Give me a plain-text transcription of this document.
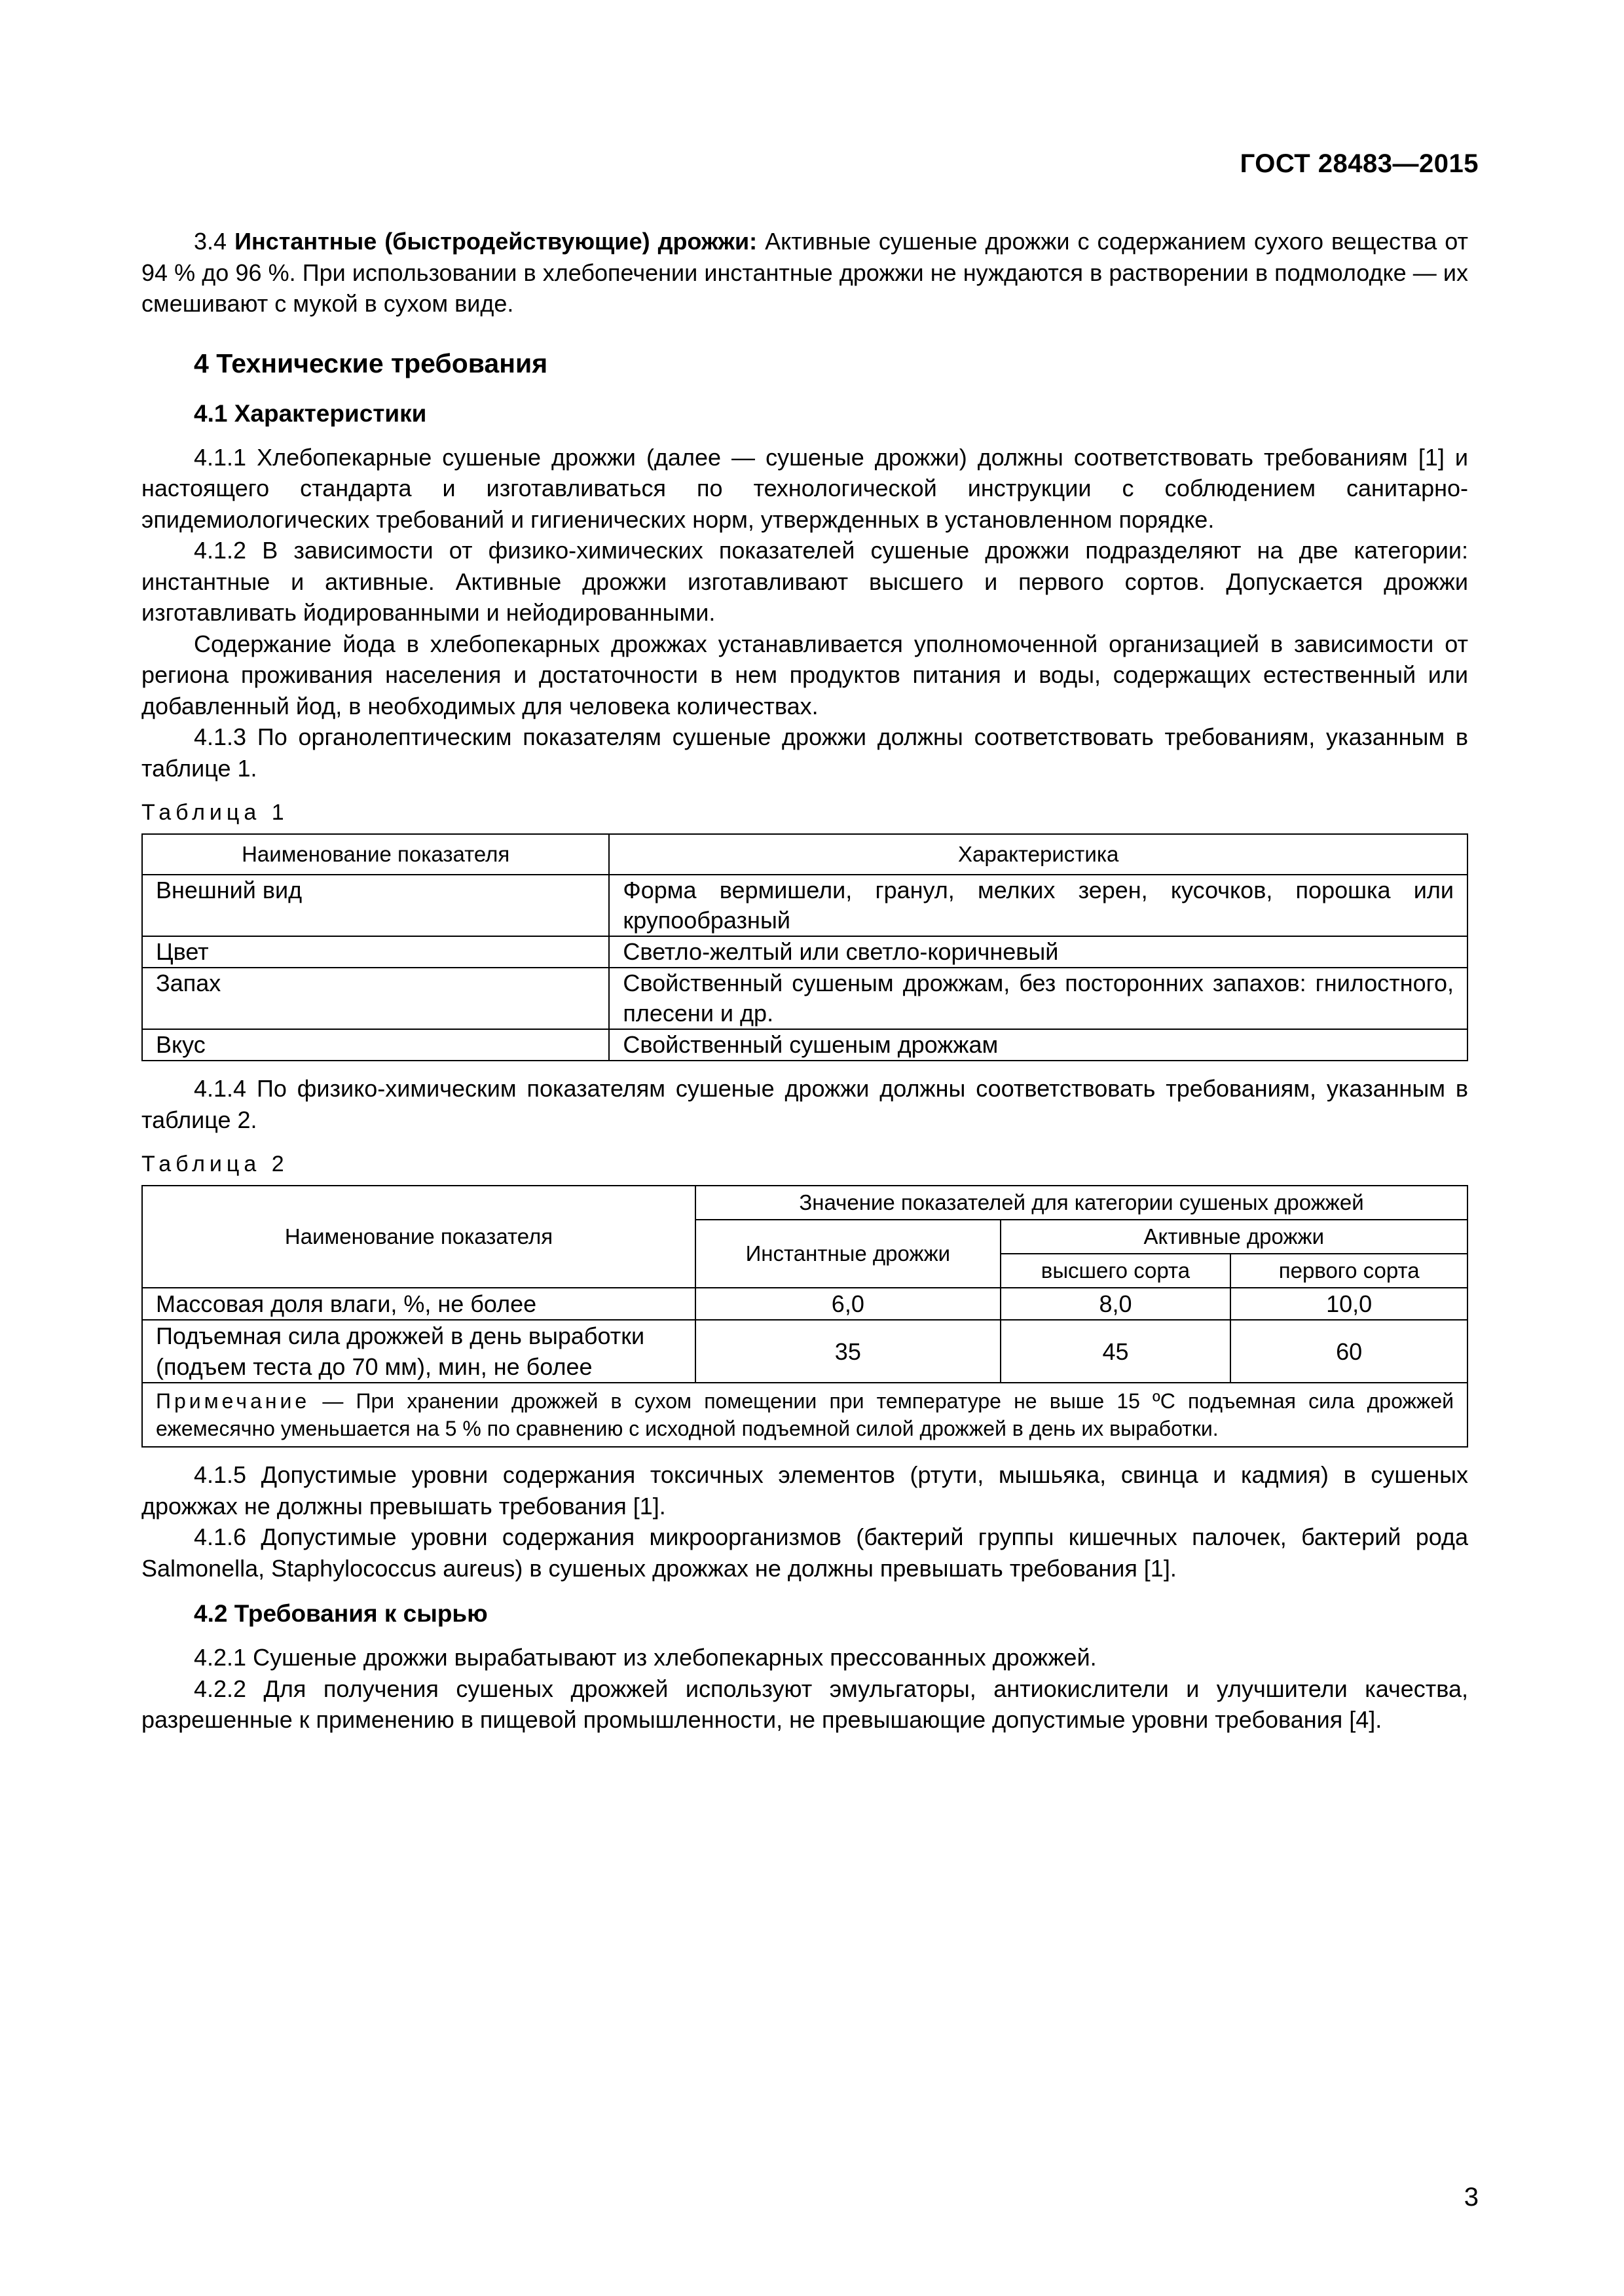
ГОСТ 28483—2015

3.4 Инстантные (быстродействующие) дрожжи: Активные сушеные дрожжи с содержанием сухого вещества от 94 % до 96 %. При использовании в хлебопечении инстантные дрожжи не нуждаются в растворении в подмолодке — их смешивают с мукой в сухом виде.

4 Технические требования
4.1 Характеристики

4.1.1 Хлебопекарные сушеные дрожжи (далее — сушеные дрожжи) должны соответствовать требованиям [1] и настоящего стандарта и изготавливаться по технологической инструкции с соблюдением санитарно-эпидемиологических требований и гигиенических норм, утвержденных в установленном порядке.

4.1.2 В зависимости от физико-химических показателей сушеные дрожжи подразделяют на две категории: инстантные и активные. Активные дрожжи изготавливают высшего и первого сортов. Допускается дрожжи изготавливать йодированными и нейодированными.

Содержание йода в хлебопекарных дрожжах устанавливается уполномоченной организацией в зависимости от региона проживания населения и достаточности в нем продуктов питания и воды, содержащих естественный или добавленный йод, в необходимых для человека количествах.

4.1.3 По органолептическим показателям сушеные дрожжи должны соответствовать требованиям, указанным в таблице 1.

Таблица 1
Наименование показателя	Характеристика
Внешний вид	Форма вермишели, гранул, мелких зерен, кусочков, порошка или крупообразный
Цвет	Светло-желтый или светло-коричневый
Запах	Свойственный сушеным дрожжам, без посторонних запахов: гнилостного, плесени и др.
Вкус	Свойственный сушеным дрожжам

4.1.4 По физико-химическим показателям сушеные дрожжи должны соответствовать требованиям, указанным в таблице 2.

Таблица 2
Наименование показателя	Значение показателей для категории сушеных дрожжей		
	Инстантные дрожжи	Активные дрожжи	
		высшего сорта	первого сорта
Массовая доля влаги, %, не более	6,0	8,0	10,0
Подъемная сила дрожжей в день выработки (подъем теста до 70 мм), мин, не более	35	45	60
Примечание — При хранении дрожжей в сухом помещении при температуре не выше 15 ºС подъемная сила дрожжей ежемесячно уменьшается на 5 % по сравнению с исходной подъемной силой дрожжей в день их выработки.			

4.1.5 Допустимые уровни содержания токсичных элементов (ртути, мышьяка, свинца и кадмия) в сушеных дрожжах не должны превышать требования [1].

4.1.6 Допустимые уровни содержания микроорганизмов (бактерий группы кишечных палочек, бактерий рода Salmonella, Staphylococcus aureus) в сушеных дрожжах не должны превышать требования [1].

4.2 Требования к сырью

4.2.1 Сушеные дрожжи вырабатывают из хлебопекарных прессованных дрожжей.

4.2.2 Для получения сушеных дрожжей используют эмульгаторы, антиокислители и улучшители качества, разрешенные к применению в пищевой промышленности, не превышающие допустимые уровни требования [4].

3
